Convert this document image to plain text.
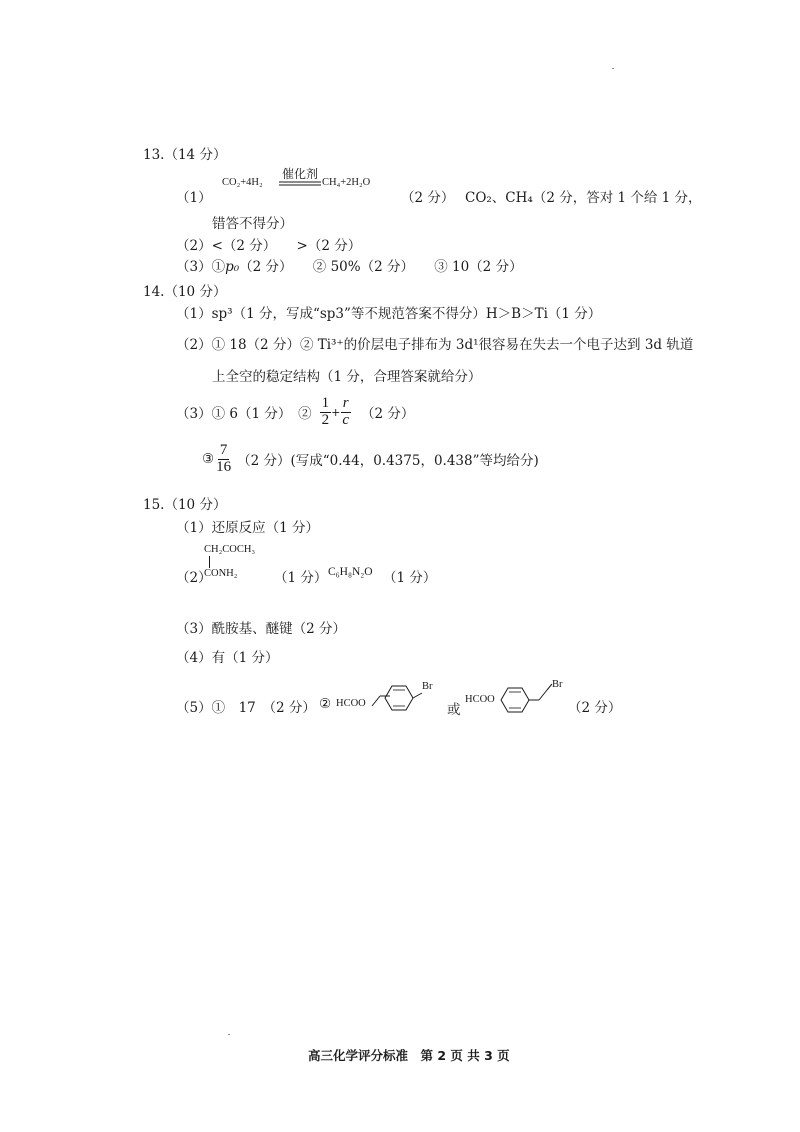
13.（14 分）
（1）
CO₂+4H₂
催化剂
CH₄+2H₂O
（2 分） CO₂、CH₄（2 分，答对 1 个给 1 分，
错答不得分）
（2）<（2 分）　　>（2 分）
（3）①p₀（2 分）　　② 50%（2 分）　　③ 10（2 分）
14.（10 分）
（1）sp³（1 分，写成“sp3”等不规范答案不得分）H＞B＞Ti（1 分）
（2）① 18（2 分）② Ti³⁺的价层电子排布为 3d¹很容易在失去一个电子达到 3d 轨道
上全空的稳定结构（1 分，合理答案就给分）
（3）① 6（1 分）　② $\frac{1}{2} + \frac{r}{c} (2$ 分）
③ $\frac{7}{16} (2$ 分）(写成“0.44，0.4375，0.438”等均给分)
15.（10 分）
（1）还原反应（1 分）
CH₂COCH₃
（2）
CONH₂	（1 分） C₆H₈N₂O （1 分）
（3）酰胺基、醚键（2 分）
（4）有（1 分）
（5）①　17　（2 分） ② HCOO
Br
或
HCOO
Br
（2 分）
高三化学评分标准　第 2 页 共 3 页
